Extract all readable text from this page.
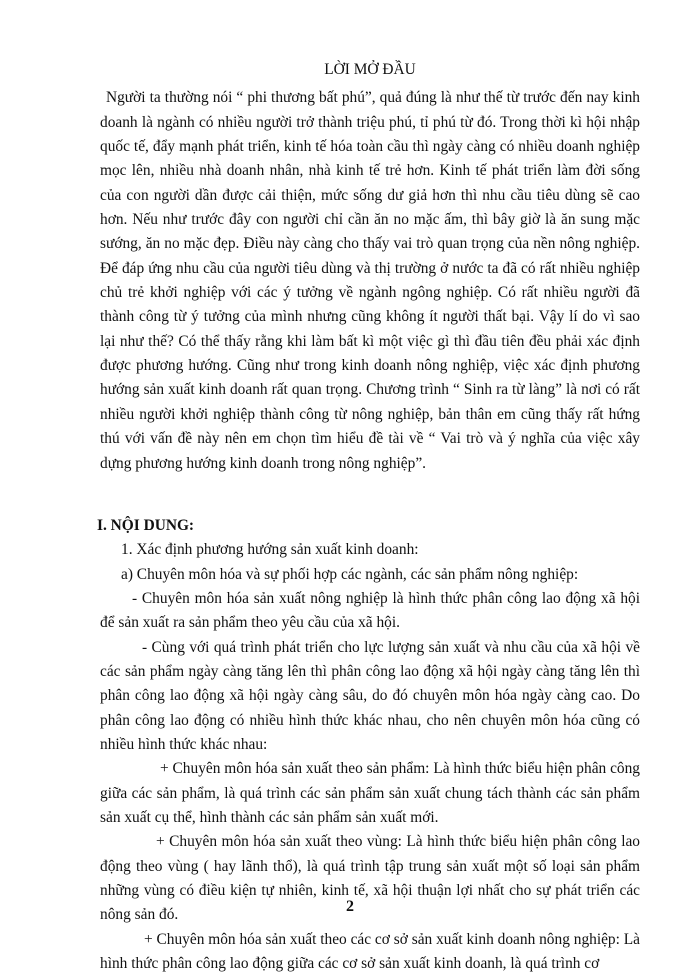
LỜI MỞ ĐẦU

Người ta thường nói “ phi thương bất phú”, quả đúng là như thế từ trước đến nay kinh doanh là ngành có nhiều người trở thành triệu phú, tỉ phú từ đó. Trong thời kì hội nhập quốc tế, đẩy mạnh phát triển, kinh tế hóa toàn cầu thì ngày càng có nhiều doanh nghiệp mọc lên, nhiều nhà doanh nhân, nhà kinh tế trẻ hơn. Kinh tế phát triển làm đời sống của con người dần được cải thiện, mức sống dư giả hơn thì nhu cầu tiêu dùng sẽ cao hơn. Nếu như trước đây con người chỉ cần ăn no mặc ấm, thì bây giờ là ăn sung mặc sướng, ăn no mặc đẹp. Điều này càng cho thấy vai trò quan trọng của nền nông nghiệp. Để đáp ứng nhu cầu của người tiêu dùng và thị trường ở nước ta đã có rất nhiều nghiệp chủ trẻ khởi nghiệp với các ý tưởng về ngành ngông nghiệp. Có rất nhiều người đã thành công từ ý tưởng của mình nhưng cũng không ít người thất bại. Vậy lí do vì sao lại như thế? Có thể thấy rằng khi làm bất kì một việc gì thì đầu tiên đều phải xác định được phương hướng. Cũng như trong kinh doanh nông nghiệp, việc xác định phương hướng sản xuất kinh doanh rất quan trọng. Chương trình “ Sinh ra từ làng” là nơi có rất nhiều người khởi nghiệp thành công từ nông nghiệp, bản thân em cũng thấy rất hứng thú với vấn đề này nên em chọn tìm hiểu đề tài về “ Vai trò và ý nghĩa của việc xây dựng phương hướng kinh doanh trong nông nghiệp”.

I. NỘI DUNG:

1. Xác định phương hướng sản xuất kinh doanh:

a) Chuyên môn hóa và sự phối hợp các ngành, các sản phẩm nông nghiệp:

- Chuyên môn hóa sản xuất nông nghiệp là hình thức phân công lao động xã hội để sản xuất ra sản phẩm theo yêu cầu của xã hội.

- Cùng với quá trình phát triển cho lực lượng sản xuất và nhu cầu của xã hội về các sản phẩm ngày càng tăng lên thì phân công lao động xã hội ngày càng tăng lên thì phân công lao động xã hội ngày càng sâu, do đó chuyên môn hóa ngày càng cao. Do phân công lao động có nhiều hình thức khác nhau, cho nên chuyên môn hóa cũng có nhiều hình thức khác nhau:

+ Chuyên môn hóa sản xuất theo sản phẩm: Là hình thức biểu hiện phân công giữa các sản phẩm, là quá trình các sản phẩm sản xuất chung tách thành các sản phẩm sản xuất cụ thể, hình thành các sản phẩm sản xuất mới.

+ Chuyên môn hóa sản xuất theo vùng: Là hình thức biểu hiện phân công lao động theo vùng ( hay lãnh thổ), là quá trình tập trung sản xuất một số loại sản phẩm những vùng có điều kiện tự nhiên, kinh tế, xã hội thuận lợi nhất cho sự phát triển các nông sản đó.

+ Chuyên môn hóa sản xuất theo các cơ sở sản xuất kinh doanh nông nghiệp: Là hình thức phân công lao động giữa các cơ sở sản xuất kinh doanh, là quá trình cơ

2
